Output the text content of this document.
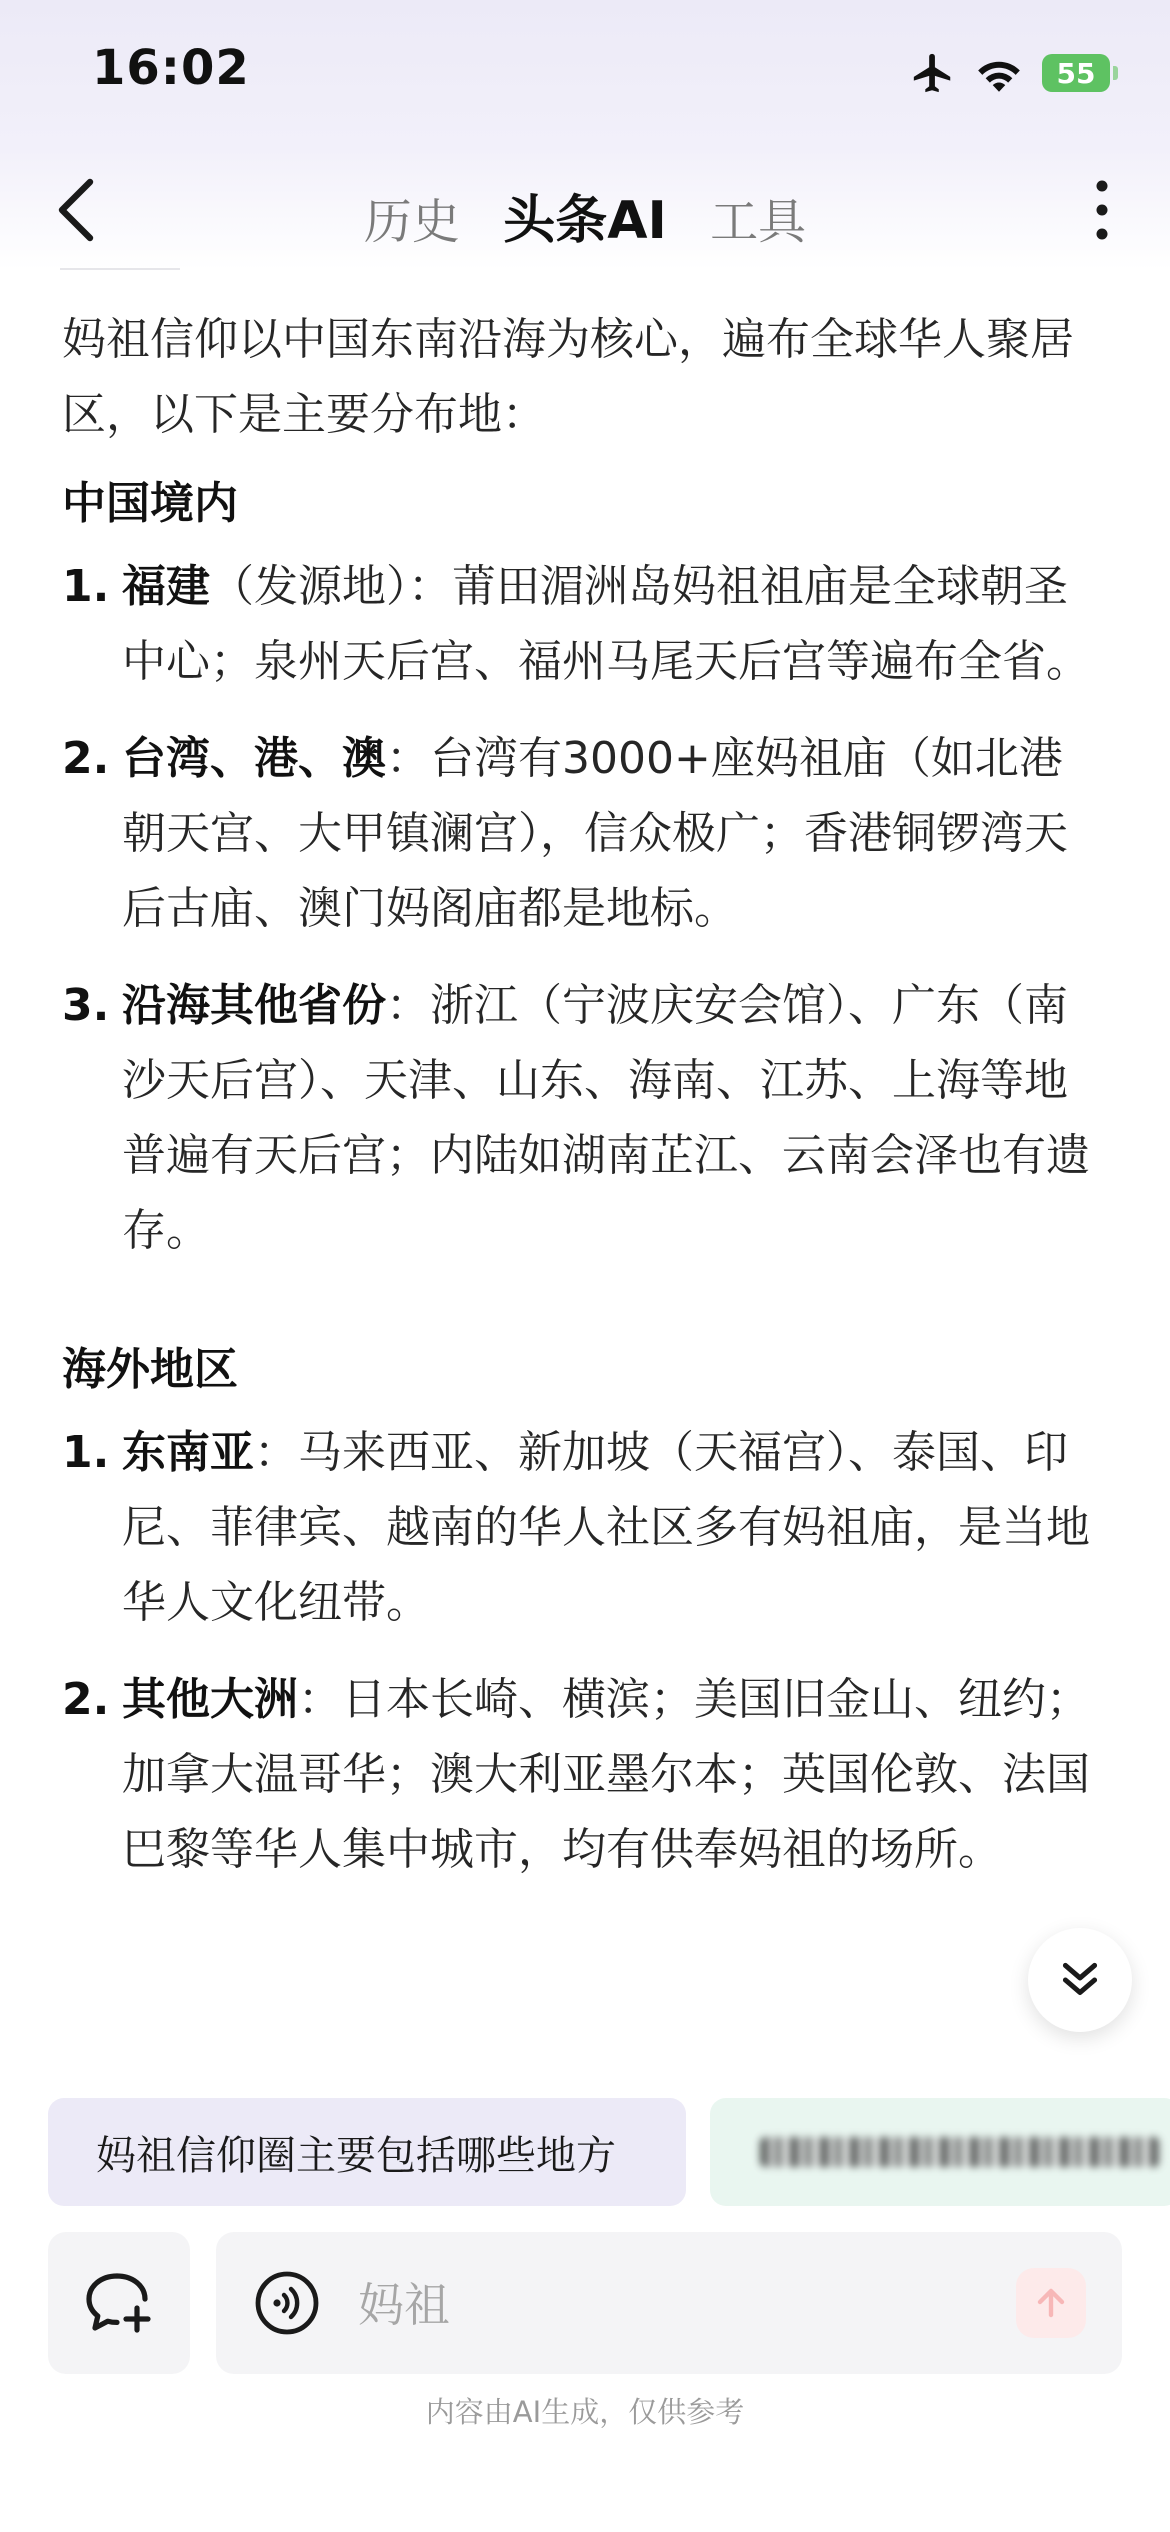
16:02	55
历史 头条AI 工具

妈祖信仰以中国东南沿海为核心，遍布全球华人聚居区，以下是主要分布地：

中国境内
1. 福建（发源地）：莆田湄洲岛妈祖祖庙是全球朝圣中心；泉州天后宫、福州马尾天后宫等遍布全省。
2. 台湾、港、澳：台湾有3000+座妈祖庙（如北港朝天宫、大甲镇澜宫），信众极广；香港铜锣湾天后古庙、澳门妈阁庙都是地标。
3. 沿海其他省份：浙江（宁波庆安会馆）、广东（南沙天后宫）、天津、山东、海南、江苏、上海等地普遍有天后宫；内陆如湖南芷江、云南会泽也有遗存。
海外地区
1. 东南亚：马来西亚、新加坡（天福宫）、泰国、印尼、菲律宾、越南的华人社区多有妈祖庙，是当地华人文化纽带。
2. 其他大洲：日本长崎、横滨；美国旧金山、纽约；加拿大温哥华；澳大利亚墨尔本；英国伦敦、法国巴黎等华人集中城市，均有供奉妈祖的场所。
妈祖信仰圈主要包括哪些地方
妈祖
内容由AI生成，仅供参考
